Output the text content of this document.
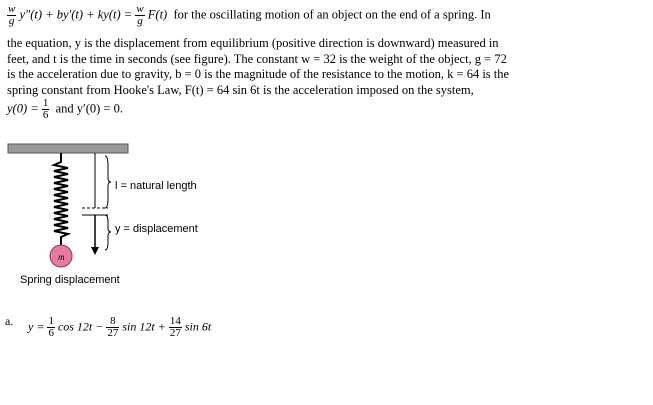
$\frac{w}{g} y''(t) + by'(t) + ky(t) = \frac{w}{g} F(t)$ for the oscillating motion of an object on the end of a spring. In
the equation, y is the displacement from equilibrium (positive direction is downward) measured in
feet, and t is the time in seconds (see figure). The constant w = 32 is the weight of the object, g = 72
is the acceleration due to gravity, b = 0 is the magnitude of the resistance to the motion, k = 64 is the
spring constant from Hooke's Law, F(t) = 64 sin 6t is the acceleration imposed on the system,
$y(0) = \frac{1}{6}$ and y′(0) = 0.
m
l = natural length
y = displacement
Spring displacement
a. $y = \frac{1}{6}$ $\cos 12t - \frac{8}{27}$ $\sin 12t + \frac{14}{27}$ sin 6t
